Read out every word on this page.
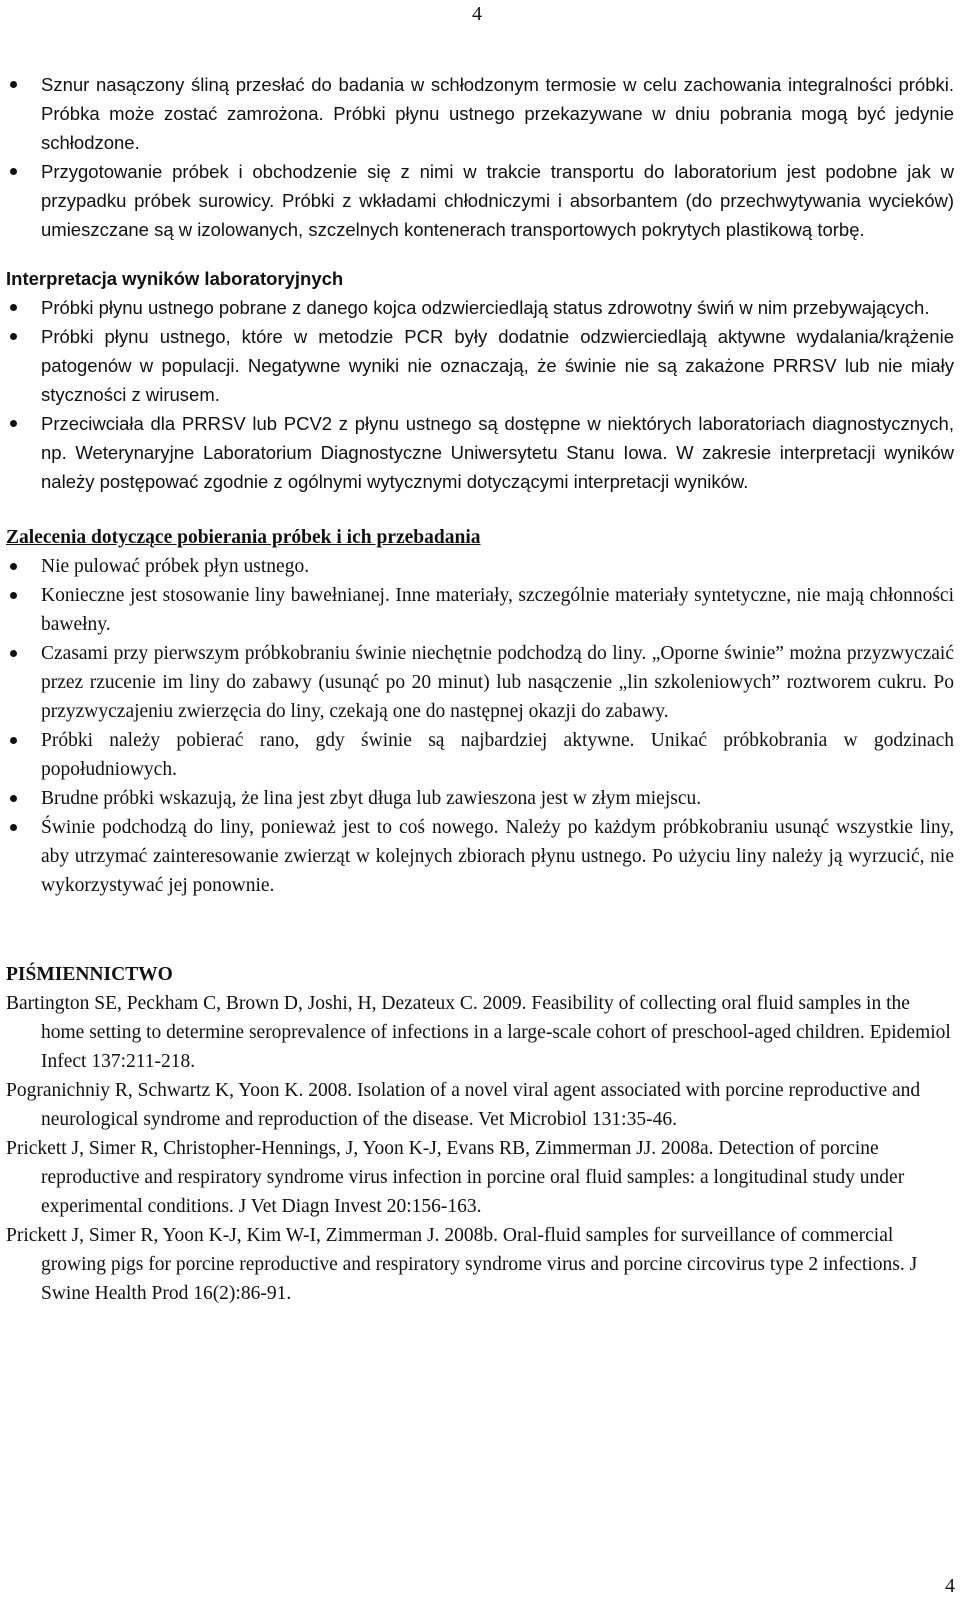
4
Sznur nasączony śliną przesłać do badania w schłodzonym termosie w celu zachowania integralności próbki. Próbka może zostać zamrożona. Próbki płynu ustnego przekazywane w dniu pobrania mogą być jedynie schłodzone.
Przygotowanie próbek i obchodzenie się z nimi w trakcie transportu do laboratorium jest podobne jak w przypadku próbek surowicy. Próbki z wkładami chłodniczymi i absorbantem (do przechwytywania wycieków) umieszczane są w izolowanych, szczelnych kontenerach transportowych pokrytych plastikową torbę.
Interpretacja wyników laboratoryjnych
Próbki płynu ustnego pobrane z danego kojca odzwierciedlają status zdrowotny świń w nim przebywających.
Próbki płynu ustnego, które w metodzie PCR były dodatnie odzwierciedlają aktywne wydalania/krążenie patogenów w populacji. Negatywne wyniki nie oznaczają, że świnie nie są zakażone PRRSV lub nie miały styczności z wirusem.
Przeciwciała dla PRRSV lub PCV2 z płynu ustnego są dostępne w niektórych laboratoriach diagnostycznych, np. Weterynaryjne Laboratorium Diagnostyczne Uniwersytetu Stanu Iowa. W zakresie interpretacji wyników należy postępować zgodnie z ogólnymi wytycznymi dotyczącymi interpretacji wyników.
Zalecenia dotyczące pobierania próbek i ich przebadania
Nie pulować próbek płyn ustnego.
Konieczne jest stosowanie liny bawełnianej. Inne materiały, szczególnie materiały syntetyczne, nie mają chłonności bawełny.
Czasami przy pierwszym próbkobraniu świnie niechętnie podchodzą do liny. „Oporne świnie” można przyzwyczaić przez rzucenie im liny do zabawy (usunąć po 20 minut) lub nasączenie „lin szkoleniowych” roztworem cukru. Po przyzwyczajeniu zwierzęcia do liny, czekają one do następnej okazji do zabawy.
Próbki należy pobierać rano, gdy świnie są najbardziej aktywne. Unikać próbkobrania w godzinach popołudniowych.
Brudne próbki wskazują, że lina jest zbyt długa lub zawieszona jest w złym miejscu.
Świnie podchodzą do liny, ponieważ jest to coś nowego. Należy po każdym próbkobraniu usunąć wszystkie liny, aby utrzymać zainteresowanie zwierząt w kolejnych zbiorach płynu ustnego. Po użyciu liny należy ją wyrzucić, nie wykorzystywać jej ponownie.
PIŚMIENNICTWO
Bartington SE, Peckham C, Brown D, Joshi, H, Dezateux C. 2009. Feasibility of collecting oral fluid samples in the home setting to determine seroprevalence of infections in a large-scale cohort of preschool-aged children. Epidemiol Infect 137:211-218.
Pogranichniy R, Schwartz K, Yoon K. 2008. Isolation of a novel viral agent associated with porcine reproductive and neurological syndrome and reproduction of the disease. Vet Microbiol 131:35-46.
Prickett J, Simer R, Christopher-Hennings, J, Yoon K-J, Evans RB, Zimmerman JJ. 2008a. Detection of porcine reproductive and respiratory syndrome virus infection in porcine oral fluid samples: a longitudinal study under experimental conditions. J Vet Diagn Invest 20:156-163.
Prickett J, Simer R, Yoon K-J, Kim W-I, Zimmerman J. 2008b. Oral-fluid samples for surveillance of commercial growing pigs for porcine reproductive and respiratory syndrome virus and porcine circovirus type 2 infections. J Swine Health Prod 16(2):86-91.
4
